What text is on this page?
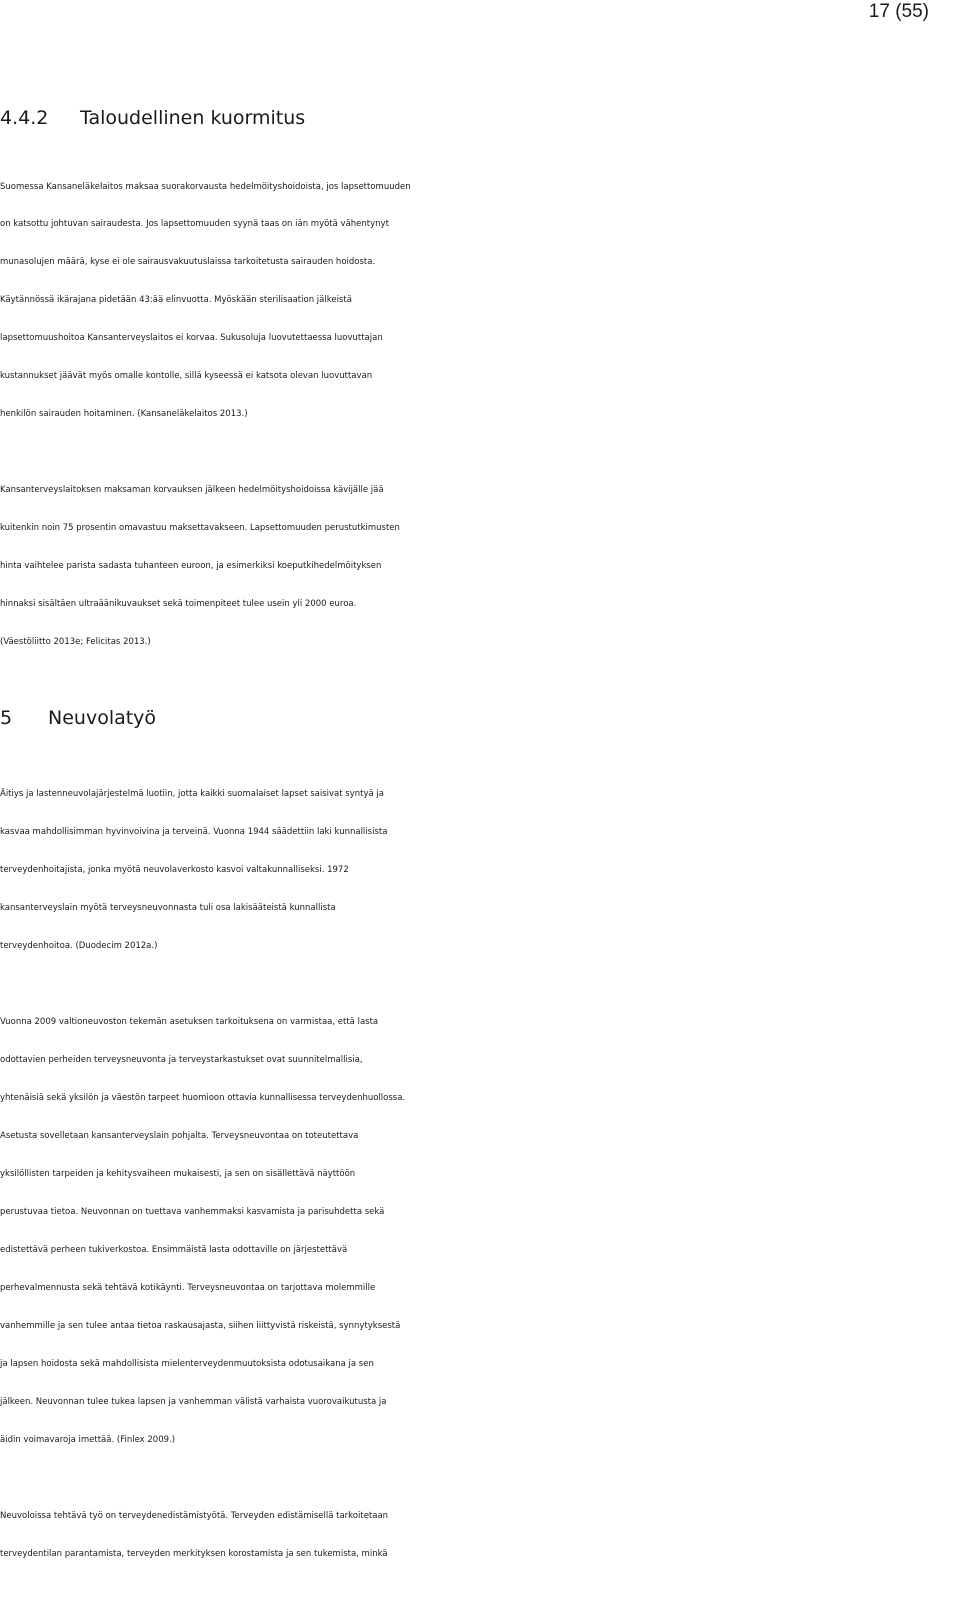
17 (55)
4.4.2 Taloudellinen kuormitus
Suomessa Kansaneläkelaitos maksaa suorakorvausta hedelmöityshoidoista, jos lapsettomuuden
on katsottu johtuvan sairaudesta. Jos lapsettomuuden syynä taas on iän myötä vähentynyt
munasolujen määrä, kyse ei ole sairausvakuutuslaissa tarkoitetusta sairauden hoidosta.
Käytännössä ikärajana pidetään 43:ää elinvuotta. Myöskään sterilisaation jälkeistä
lapsettomuushoitoa Kansanterveyslaitos ei korvaa. Sukusoluja luovutettaessa luovuttajan
kustannukset jäävät myös omalle kontolle, sillä kyseessä ei katsota olevan luovuttavan
henkilön sairauden hoitaminen. (Kansaneläkelaitos 2013.)
Kansanterveyslaitoksen maksaman korvauksen jälkeen hedelmöityshoidoissa kävijälle jää
kuitenkin noin 75 prosentin omavastuu maksettavakseen. Lapsettomuuden perustutkimusten
hinta vaihtelee parista sadasta tuhanteen euroon, ja esimerkiksi koeputkihedelmöityksen
hinnaksi sisältäen ultraäänikuvaukset sekä toimenpiteet tulee usein yli 2000 euroa.
(Väestöliitto 2013e; Felicitas 2013.)
5 Neuvolatyö
Äitiys ja lastenneuvolajärjestelmä luotiin, jotta kaikki suomalaiset lapset saisivat syntyä ja
kasvaa mahdollisimman hyvinvoivina ja terveinä. Vuonna 1944 säädettiin laki kunnallisista
terveydenhoitajista, jonka myötä neuvolaverkosto kasvoi valtakunnalliseksi. 1972
kansanterveyslain myötä terveysneuvonnasta tuli osa lakisääteistä kunnallista
terveydenhoitoa. (Duodecim 2012a.)
Vuonna 2009 valtioneuvoston tekemän asetuksen tarkoituksena on varmistaa, että lasta
odottavien perheiden terveysneuvonta ja terveystarkastukset ovat suunnitelmallisia,
yhtenäisiä sekä yksilön ja väestön tarpeet huomioon ottavia kunnallisessa terveydenhuollossa.
Asetusta sovelletaan kansanterveyslain pohjalta. Terveysneuvontaa on toteutettava
yksilöllisten tarpeiden ja kehitysvaiheen mukaisesti, ja sen on sisällettävä näyttöön
perustuvaa tietoa. Neuvonnan on tuettava vanhemmaksi kasvamista ja parisuhdetta sekä
edistettävä perheen tukiverkostoa. Ensimmäistä lasta odottaville on järjestettävä
perhevalmennusta sekä tehtävä kotikäynti. Terveysneuvontaa on tarjottava molemmille
vanhemmille ja sen tulee antaa tietoa raskausajasta, siihen liittyvistä riskeistä, synnytyksestä
ja lapsen hoidosta sekä mahdollisista mielenterveydenmuutoksista odotusaikana ja sen
jälkeen. Neuvonnan tulee tukea lapsen ja vanhemman välistä varhaista vuorovaikutusta ja
äidin voimavaroja imettää. (Finlex 2009.)
Neuvoloissa tehtävä työ on terveydenedistämistyötä. Terveyden edistämisellä tarkoitetaan
terveydentilan parantamista, terveyden merkityksen korostamista ja sen tukemista, minkä
